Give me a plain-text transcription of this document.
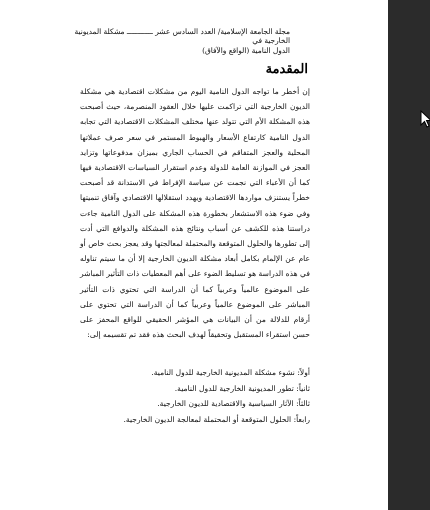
مجلة الجامعة الإسلامية/ العدد السادس عشر ــــــــــــ مشكلة المديونية
الخارجية في
الدول النامية (الواقع والآفاق)
المقدمة

إن أخطر ما تواجه الدول النامية اليوم من مشكلات اقتصادية هي مشكلة الديون الخارجية التي تراكمت عليها خلال العقود المنصرمة، حيث أصبحت هذه المشكلة الأم التي تتولد عنها مختلف المشكلات الاقتصادية التي تجابه الدول النامية كارتفاع الأسعار والهبوط المستمر في سعر صرف عملاتها المحلية والعجز المتفاقم في الحساب الجاري بميزان مدفوعاتها وتزايد العجز في الموازنة العامة للدولة وعدم استقرار السياسات الاقتصادية فيها كما أن الأعباء التي نجمت عن سياسة الإفراط في الاستدانة قد أصبحت خطراً يستنزف مواردها الاقتصادية ويهدد استقلالها الاقتصادي وآفاق تنميتها وفي ضوء هذه الاستشعار بخطورة هذه المشكلة على الدول النامية جاءت دراستنا هذه للكشف عن أسباب ونتائج هذه المشكلة والدوافع التي أدت إلى تطورها والحلول المتوقعة والمحتملة لمعالجتها وقد يعجز بحث خاص أو عام عن الإلمام بكامل أبعاد مشكلة الديون الخارجية إلا أن ما سيتم تناوله في هذه الدراسة هو تسليط الضوء على أهم المعطيات ذات التأثير المباشر على الموضوع عالمياً وعربياً كما أن الدراسة التي تحتوي ذات التأثير المباشر على الموضوع عالمياً وعربياً كما أن الدراسة التي تحتوي على أرقام للدلالة من أن البيانات هي المؤشر الحقيقي للواقع المحفز على حسن استقراء المستقبل وتحقيقاً لهدف البحث هذه فقد تم تقسيمه إلى:

أولاً: نشوء مشكلة المديونية الخارجية للدول النامية.
ثانياً: تطور المديونية الخارجية للدول النامية.
ثالثاً: الآثار السياسية والاقتصادية للديون الخارجية.
رابعاً: الحلول المتوقعة أو المحتملة لمعالجة الديون الخارجية.
